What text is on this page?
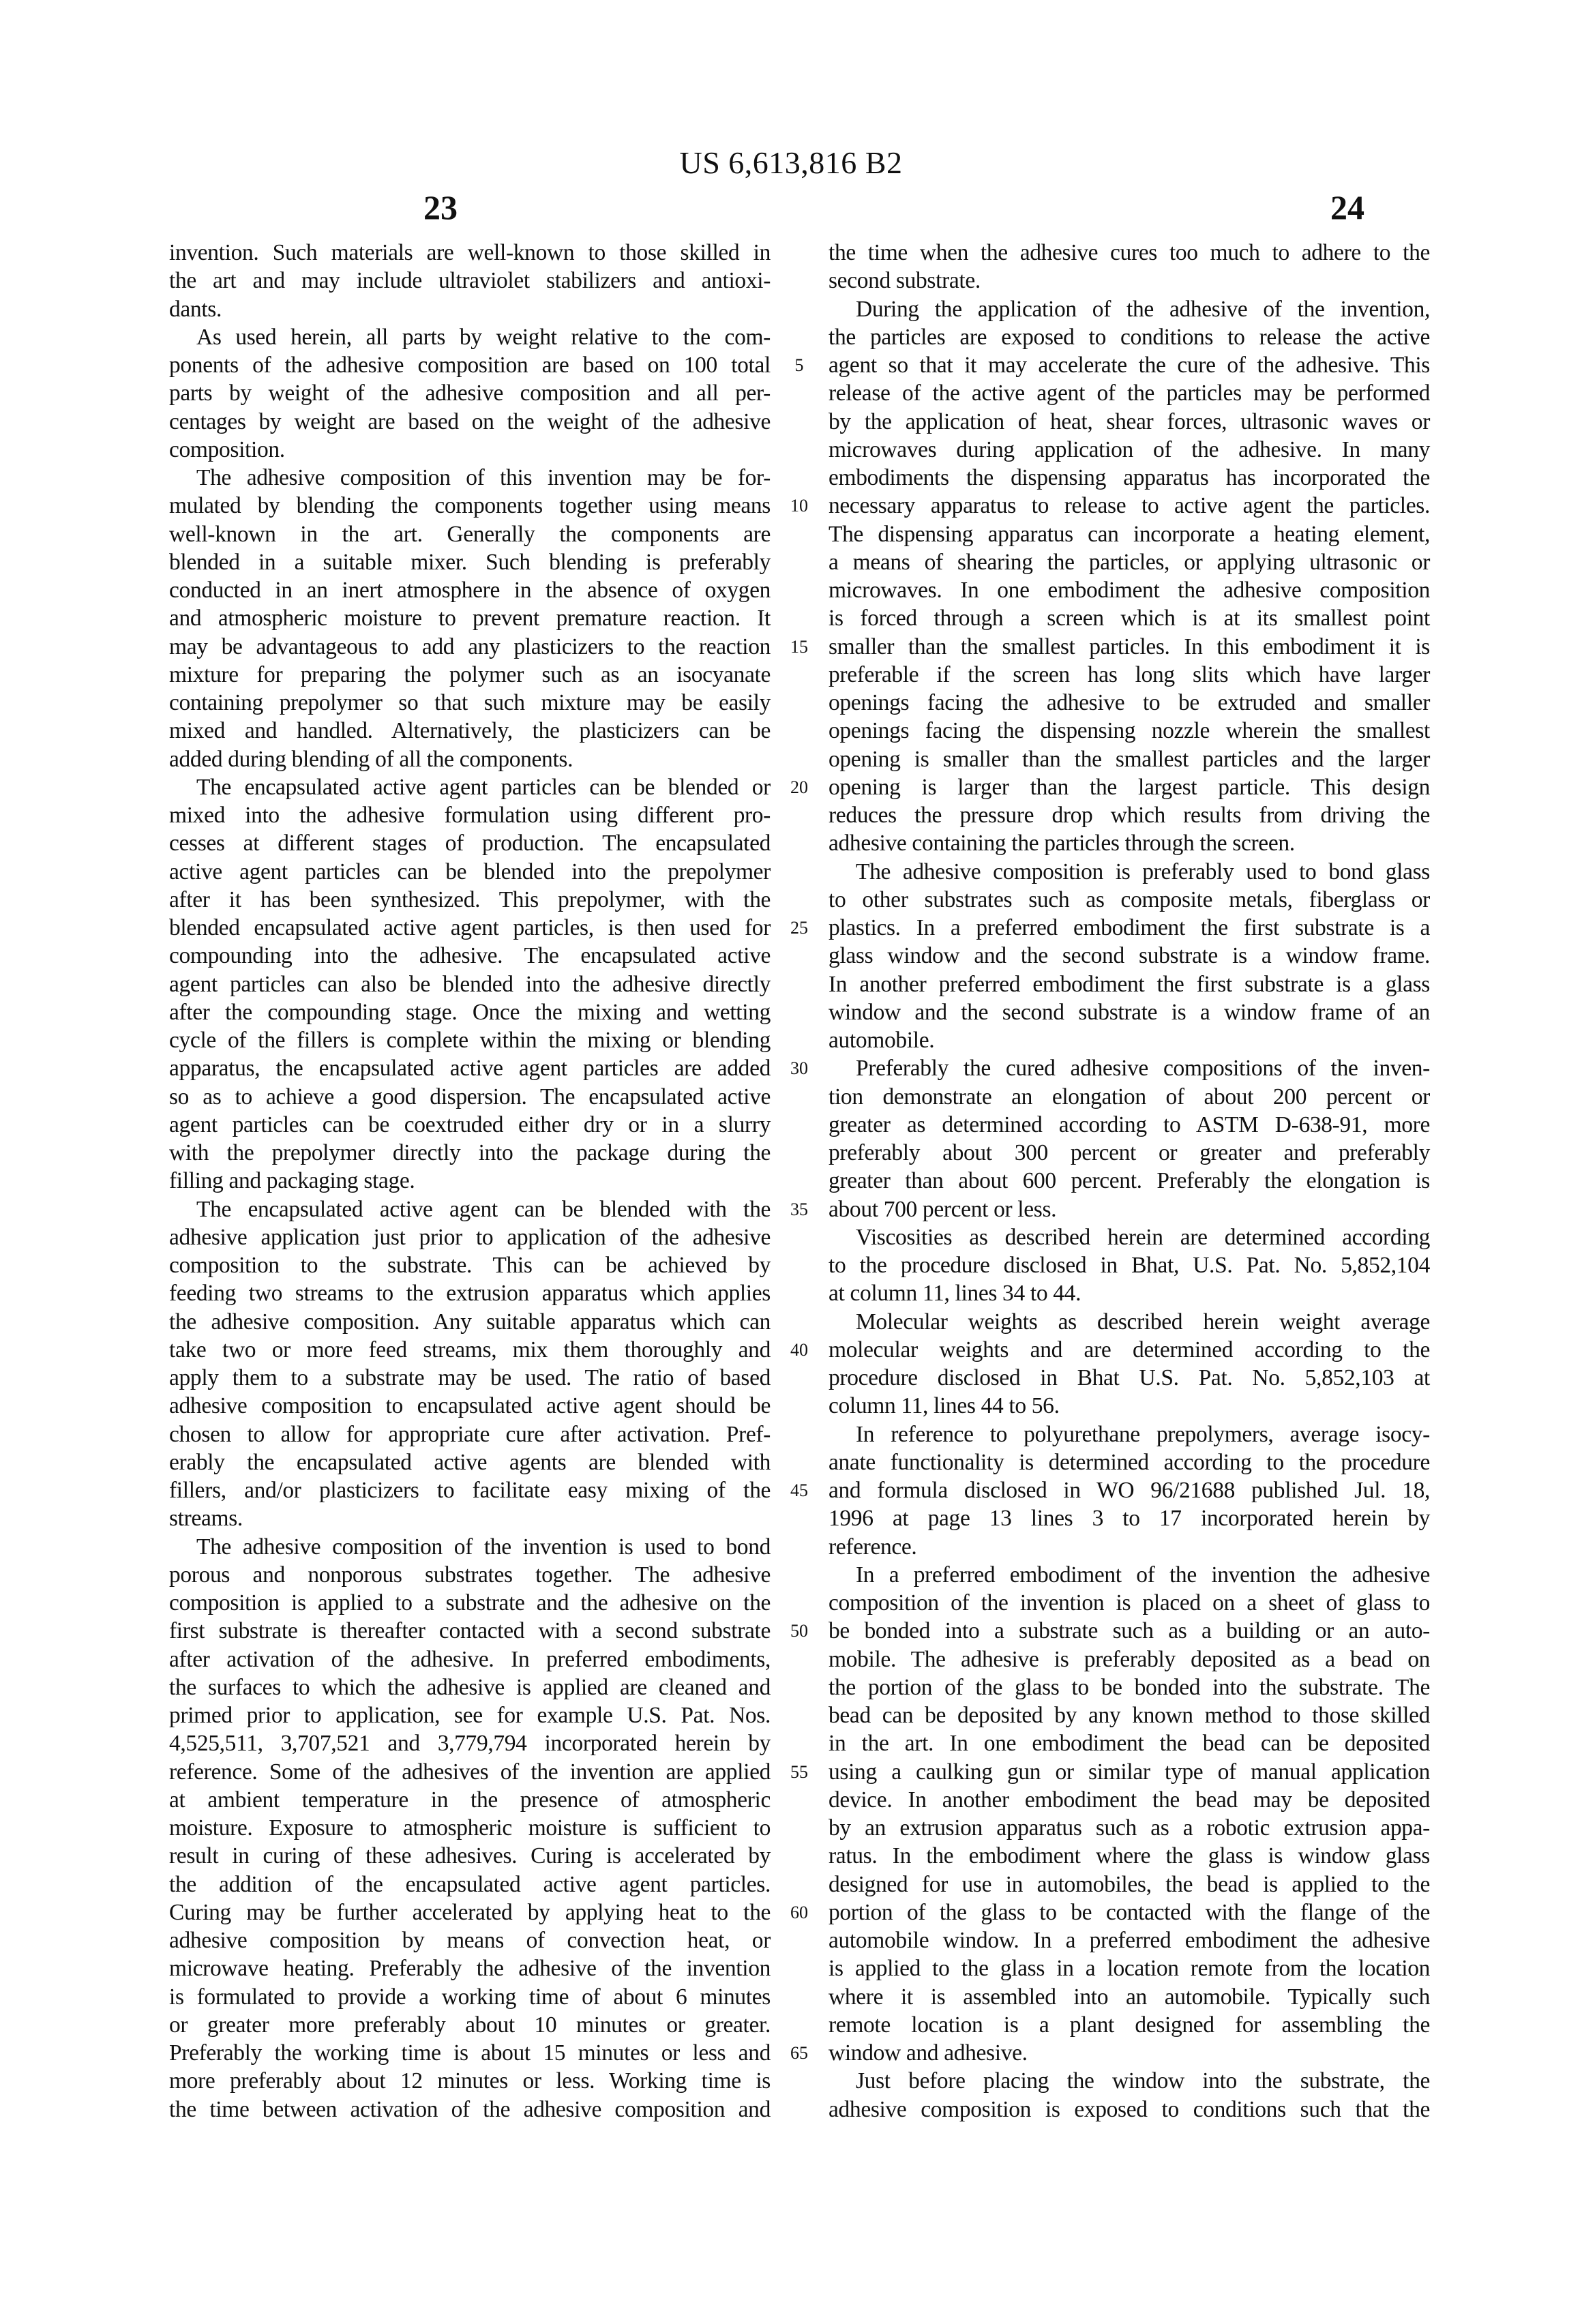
US 6,613,816 B2
23	24
invention. Such materials are well-known to those skilled in
the art and may include ultraviolet stabilizers and antioxi-
dants.
As used herein, all parts by weight relative to the com-
ponents of the adhesive composition are based on 100 total
parts by weight of the adhesive composition and all per-
centages by weight are based on the weight of the adhesive
composition.
The adhesive composition of this invention may be for-
mulated by blending the components together using means
well-known in the art. Generally the components are
blended in a suitable mixer. Such blending is preferably
conducted in an inert atmosphere in the absence of oxygen
and atmospheric moisture to prevent premature reaction. It
may be advantageous to add any plasticizers to the reaction
mixture for preparing the polymer such as an isocyanate
containing prepolymer so that such mixture may be easily
mixed and handled. Alternatively, the plasticizers can be
added during blending of all the components.
The encapsulated active agent particles can be blended or
mixed into the adhesive formulation using different pro-
cesses at different stages of production. The encapsulated
active agent particles can be blended into the prepolymer
after it has been synthesized. This prepolymer, with the
blended encapsulated active agent particles, is then used for
compounding into the adhesive. The encapsulated active
agent particles can also be blended into the adhesive directly
after the compounding stage. Once the mixing and wetting
cycle of the fillers is complete within the mixing or blending
apparatus, the encapsulated active agent particles are added
so as to achieve a good dispersion. The encapsulated active
agent particles can be coextruded either dry or in a slurry
with the prepolymer directly into the package during the
filling and packaging stage.
The encapsulated active agent can be blended with the
adhesive application just prior to application of the adhesive
composition to the substrate. This can be achieved by
feeding two streams to the extrusion apparatus which applies
the adhesive composition. Any suitable apparatus which can
take two or more feed streams, mix them thoroughly and
apply them to a substrate may be used. The ratio of based
adhesive composition to encapsulated active agent should be
chosen to allow for appropriate cure after activation. Pref-
erably the encapsulated active agents are blended with
fillers, and/or plasticizers to facilitate easy mixing of the
streams.
The adhesive composition of the invention is used to bond
porous and nonporous substrates together. The adhesive
composition is applied to a substrate and the adhesive on the
first substrate is thereafter contacted with a second substrate
after activation of the adhesive. In preferred embodiments,
the surfaces to which the adhesive is applied are cleaned and
primed prior to application, see for example U.S. Pat. Nos.
4,525,511, 3,707,521 and 3,779,794 incorporated herein by
reference. Some of the adhesives of the invention are applied
at ambient temperature in the presence of atmospheric
moisture. Exposure to atmospheric moisture is sufficient to
result in curing of these adhesives. Curing is accelerated by
the addition of the encapsulated active agent particles.
Curing may be further accelerated by applying heat to the
adhesive composition by means of convection heat, or
microwave heating. Preferably the adhesive of the invention
is formulated to provide a working time of about 6 minutes
or greater more preferably about 10 minutes or greater.
Preferably the working time is about 15 minutes or less and
more preferably about 12 minutes or less. Working time is
the time between activation of the adhesive composition and
5
10
15
20
25
30
35
40
45
50
55
60
65
the time when the adhesive cures too much to adhere to the
second substrate.
During the application of the adhesive of the invention,
the particles are exposed to conditions to release the active
agent so that it may accelerate the cure of the adhesive. This
release of the active agent of the particles may be performed
by the application of heat, shear forces, ultrasonic waves or
microwaves during application of the adhesive. In many
embodiments the dispensing apparatus has incorporated the
necessary apparatus to release to active agent the particles.
The dispensing apparatus can incorporate a heating element,
a means of shearing the particles, or applying ultrasonic or
microwaves. In one embodiment the adhesive composition
is forced through a screen which is at its smallest point
smaller than the smallest particles. In this embodiment it is
preferable if the screen has long slits which have larger
openings facing the adhesive to be extruded and smaller
openings facing the dispensing nozzle wherein the smallest
opening is smaller than the smallest particles and the larger
opening is larger than the largest particle. This design
reduces the pressure drop which results from driving the
adhesive containing the particles through the screen.
The adhesive composition is preferably used to bond glass
to other substrates such as composite metals, fiberglass or
plastics. In a preferred embodiment the first substrate is a
glass window and the second substrate is a window frame.
In another preferred embodiment the first substrate is a glass
window and the second substrate is a window frame of an
automobile.
Preferably the cured adhesive compositions of the inven-
tion demonstrate an elongation of about 200 percent or
greater as determined according to ASTM D-638-91, more
preferably about 300 percent or greater and preferably
greater than about 600 percent. Preferably the elongation is
about 700 percent or less.
Viscosities as described herein are determined according
to the procedure disclosed in Bhat, U.S. Pat. No. 5,852,104
at column 11, lines 34 to 44.
Molecular weights as described herein weight average
molecular weights and are determined according to the
procedure disclosed in Bhat U.S. Pat. No. 5,852,103 at
column 11, lines 44 to 56.
In reference to polyurethane prepolymers, average isocy-
anate functionality is determined according to the procedure
and formula disclosed in WO 96/21688 published Jul. 18,
1996 at page 13 lines 3 to 17 incorporated herein by
reference.
In a preferred embodiment of the invention the adhesive
composition of the invention is placed on a sheet of glass to
be bonded into a substrate such as a building or an auto-
mobile. The adhesive is preferably deposited as a bead on
the portion of the glass to be bonded into the substrate. The
bead can be deposited by any known method to those skilled
in the art. In one embodiment the bead can be deposited
using a caulking gun or similar type of manual application
device. In another embodiment the bead may be deposited
by an extrusion apparatus such as a robotic extrusion appa-
ratus. In the embodiment where the glass is window glass
designed for use in automobiles, the bead is applied to the
portion of the glass to be contacted with the flange of the
automobile window. In a preferred embodiment the adhesive
is applied to the glass in a location remote from the location
where it is assembled into an automobile. Typically such
remote location is a plant designed for assembling the
window and adhesive.
Just before placing the window into the substrate, the
adhesive composition is exposed to conditions such that the
